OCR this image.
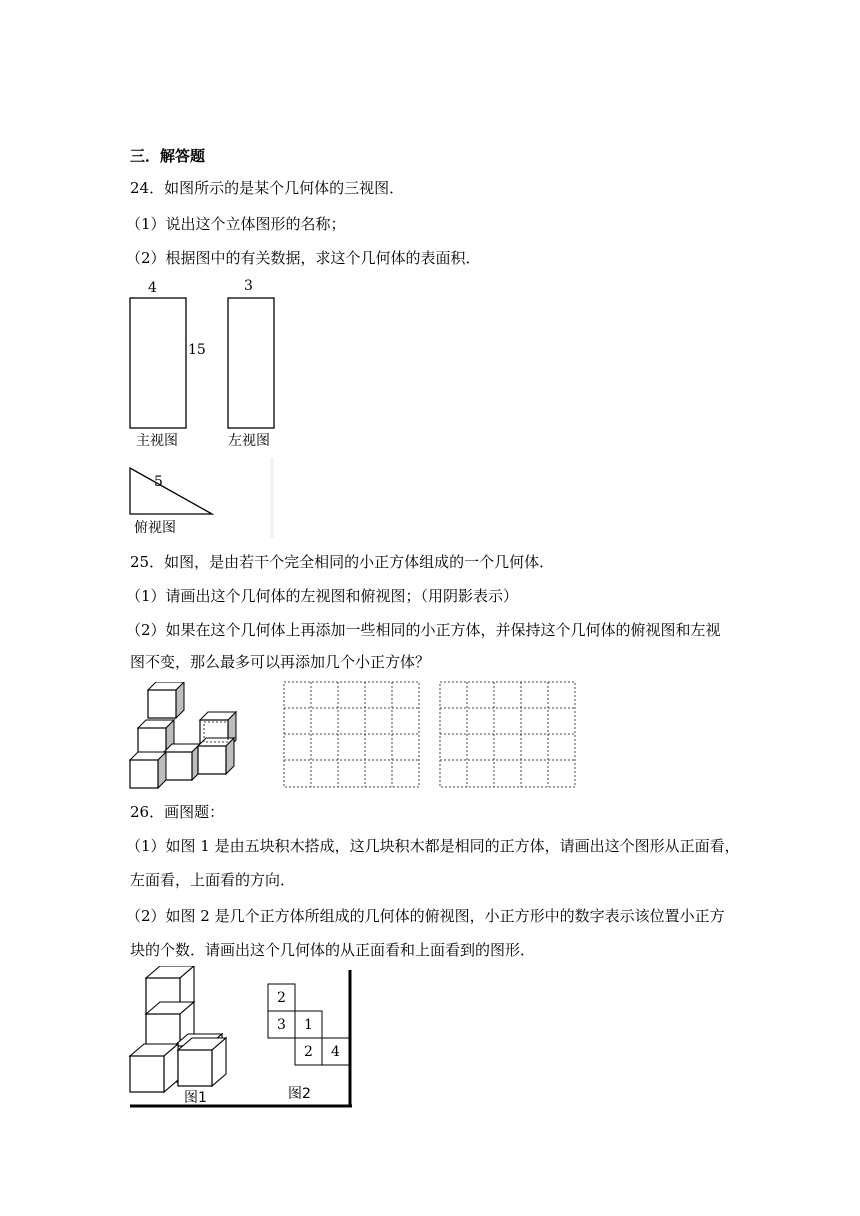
三．解答题
24．如图所示的是某个几何体的三视图．
（1）说出这个立体图形的名称；
（2）根据图中的有关数据，求这个几何体的表面积．
4
15
3
5
主视图	左视图
俯视图
25．如图，是由若干个完全相同的小正方体组成的一个几何体．
（1）请画出这个几何体的左视图和俯视图；（用阴影表示）
（2）如果在这个几何体上再添加一些相同的小正方体，并保持这个几何体的俯视图和左视
图不变，那么最多可以再添加几个小正方体？
26．画图题：
（1）如图 1 是由五块积木搭成，这几块积木都是相同的正方体，请画出这个图形从正面看，
左面看，上面看的方向．
（2）如图 2 是几个正方体所组成的几何体的俯视图，小正方形中的数字表示该位置小正方
块的个数．请画出这个几何体的从正面看和上面看到的图形．
2
3 1
2 4
图1	图2
